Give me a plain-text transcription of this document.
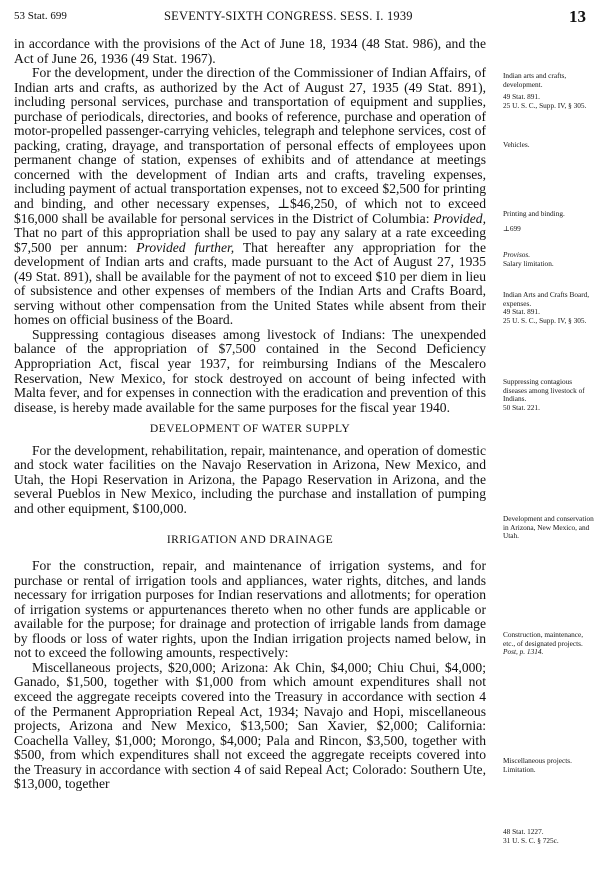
53 Stat. 699	SEVENTY-SIXTH CONGRESS. SESS. I. 1939	13

in accordance with the provisions of the Act of June 18, 1934 (48 Stat. 986), and the Act of June 26, 1936 (49 Stat. 1967).

For the development, under the direction of the Commissioner of Indian Affairs, of Indian arts and crafts, as authorized by the Act of August 27, 1935 (49 Stat. 891), including personal services, purchase and transportation of equipment and supplies, purchase of periodicals, directories, and books of reference, purchase and operation of motor-propelled passenger-carrying vehicles, telegraph and telephone services, cost of packing, crating, drayage, and transportation of personal effects of employees upon permanent change of station, expenses of exhibits and of attendance at meetings concerned with the development of Indian arts and crafts, traveling expenses, including payment of actual transportation expenses, not to exceed $2,500 for printing and binding, and other necessary expenses, ⊥$46,250, of which not to exceed $16,000 shall be available for personal services in the District of Columbia: Provided, That no part of this appropriation shall be used to pay any salary at a rate exceeding $7,500 per annum: Provided further, That hereafter any appropriation for the development of Indian arts and crafts, made pursuant to the Act of August 27, 1935 (49 Stat. 891), shall be available for the payment of not to exceed $10 per diem in lieu of subsistence and other expenses of members of the Indian Arts and Crafts Board, serving without other compensation from the United States while absent from their homes on official business of the Board.

Suppressing contagious diseases among livestock of Indians: The unexpended balance of the appropriation of $7,500 contained in the Second Deficiency Appropriation Act, fiscal year 1937, for reimbursing Indians of the Mescalero Reservation, New Mexico, for stock destroyed on account of being infected with Malta fever, and for expenses in connection with the eradication and prevention of this disease, is hereby made available for the same purposes for the fiscal year 1940.

DEVELOPMENT OF WATER SUPPLY

For the development, rehabilitation, repair, maintenance, and operation of domestic and stock water facilities on the Navajo Reservation in Arizona, New Mexico, and Utah, the Hopi Reservation in Arizona, the Papago Reservation in Arizona, and the several Pueblos in New Mexico, including the purchase and installation of pumping and other equipment, $100,000.

IRRIGATION AND DRAINAGE

For the construction, repair, and maintenance of irrigation systems, and for purchase or rental of irrigation tools and appliances, water rights, ditches, and lands necessary for irrigation purposes for Indian reservations and allotments; for operation of irrigation systems or appurtenances thereto when no other funds are applicable or available for the purpose; for drainage and protection of irrigable lands from damage by floods or loss of water rights, upon the Indian irrigation projects named below, in not to exceed the following amounts, respectively:

Miscellaneous projects, $20,000; Arizona: Ak Chin, $4,000; Chiu Chui, $4,000; Ganado, $1,500, together with $1,000 from which amount expenditures shall not exceed the aggregate receipts covered into the Treasury in accordance with section 4 of the Permanent Appropriation Repeal Act, 1934; Navajo and Hopi, miscellaneous projects, Arizona and New Mexico, $13,500; San Xavier, $2,000; California: Coachella Valley, $1,000; Morongo, $4,000; Pala and Rincon, $3,500, together with $500, from which expenditures shall not exceed the aggregate receipts covered into the Treasury in accordance with section 4 of said Repeal Act; Colorado: Southern Ute, $13,000, together

Indian arts and crafts, development.
49 Stat. 891.
25 U. S. C., Supp. IV, § 305.
Vehicles.
Printing and binding.
⊥699
Provisos.
Salary limitation.
Indian Arts and Crafts Board, expenses.
49 Stat. 891.
25 U. S. C., Supp. IV, § 305.
Suppressing contagious diseases among livestock of Indians.
50 Stat. 221.
Development and conservation in Arizona, New Mexico, and Utah.
Construction, maintenance, etc., of designated projects.
Post, p. 1314.
Miscellaneous projects.
Limitation.
48 Stat. 1227.
31 U. S. C. § 725c.
